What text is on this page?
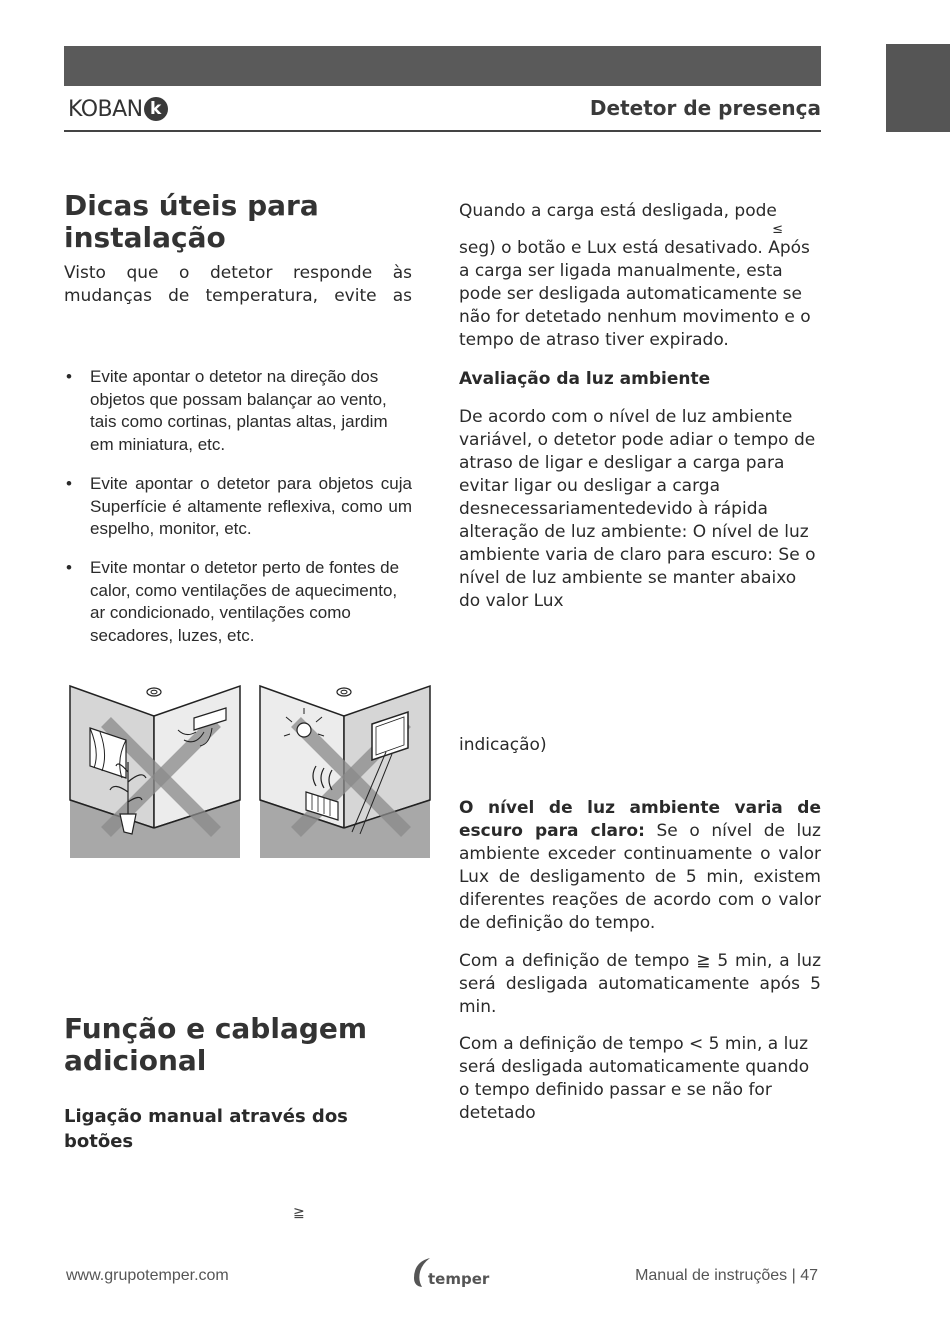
KOBAN k	Detetor de presença
Dicas úteis para instalação

Visto que o detetor responde às mudanças de temperatura, evite as

•	Evite apontar o detetor na direção dos objetos que possam balançar ao vento, tais como cortinas, plantas altas, jardim em miniatura, etc.
•	Evite apontar o detetor para objetos cuja Superfície é altamente reflexiva, como um espelho, monitor, etc.
•	Evite montar o detetor perto de fontes de calor, como ventilações de aquecimento, ar condicionado, ventilações como secadores, luzes, etc.
Função e cablagem adicional

Ligação manual através dos botões

≧

Quando a carga está desligada, pode

≤

seg) o botão e Lux está desativado. Após a carga ser ligada manualmente, esta pode ser desligada automaticamente se não for detetado nenhum movimento e o tempo de atraso tiver expirado.

Avaliação da luz ambiente

De acordo com o nível de luz ambiente variável, o detetor pode adiar o tempo de atraso de ligar e desligar a carga para evitar ligar ou desligar a carga desnecessariamentedevido à rápida alteração de luz ambiente: O nível de luz ambiente varia de claro para escuro: Se o nível de luz ambiente se manter abaixo do valor Lux

indicação)

O nível de luz ambiente varia de escuro para claro: Se o nível de luz ambiente exceder continuamente o valor Lux de desligamento de 5 min, existem diferentes reações de acordo com o valor de definição do tempo.

Com a definição de tempo ≧ 5 min, a luz será desligada automaticamente após 5 min.

Com a definição de tempo < 5 min, a luz será desligada automaticamente quando o tempo definido passar e se não for detetado

www.grupotemper.com	temper	Manual de instruções | 47
